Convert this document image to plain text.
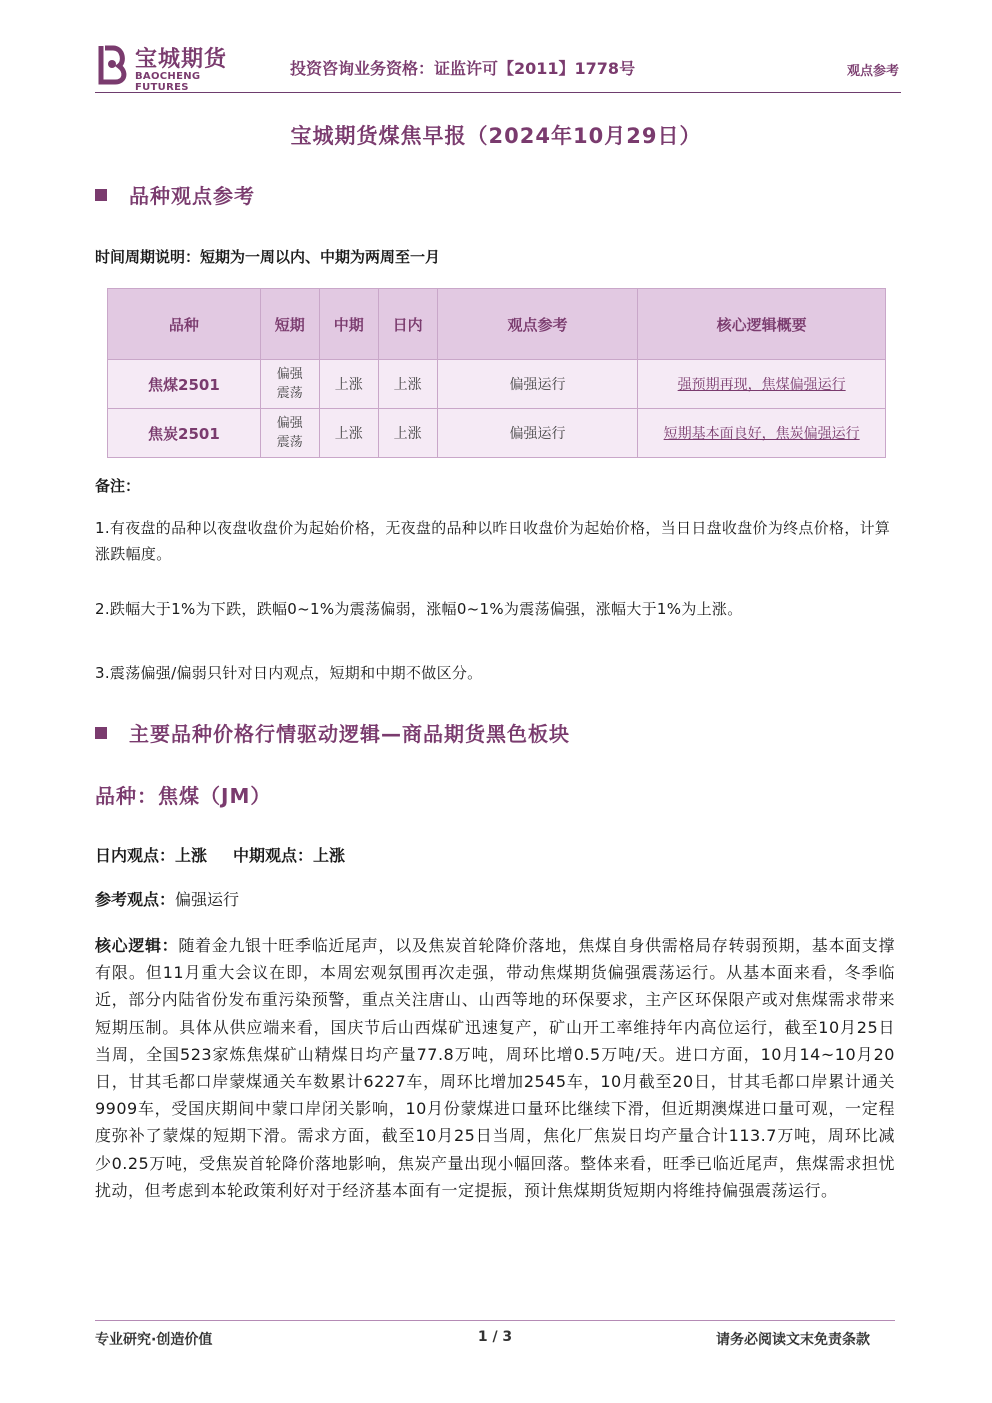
宝城期货
BAOCHENG FUTURES
投资咨询业务资格：证监许可【2011】1778号	观点参考
宝城期货煤焦早报（2024年10月29日）
品种观点参考
时间周期说明：短期为一周以内、中期为两周至一月
品种	短期	中期	日内	观点参考	核心逻辑概要
焦煤2501	偏强震荡	上涨	上涨	偏强运行	强预期再现，焦煤偏强运行
焦炭2501	偏强震荡	上涨	上涨	偏强运行	短期基本面良好，焦炭偏强运行
备注：
1.有夜盘的品种以夜盘收盘价为起始价格，无夜盘的品种以昨日收盘价为起始价格，当日日盘收盘价为终点价格，计算涨跌幅度。
2.跌幅大于1%为下跌，跌幅0~1%为震荡偏弱，涨幅0~1%为震荡偏强，涨幅大于1%为上涨。
3.震荡偏强/偏弱只针对日内观点，短期和中期不做区分。
主要品种价格行情驱动逻辑—商品期货黑色板块
品种：焦煤（JM）
日内观点：上涨 中期观点：上涨
参考观点：偏强运行
核心逻辑：随着金九银十旺季临近尾声，以及焦炭首轮降价落地，焦煤自身供需格局存转弱预期，基本面支撑有限。但11月重大会议在即，本周宏观氛围再次走强，带动焦煤期货偏强震荡运行。从基本面来看，冬季临近，部分内陆省份发布重污染预警，重点关注唐山、山西等地的环保要求，主产区环保限产或对焦煤需求带来短期压制。具体从供应端来看，国庆节后山西煤矿迅速复产，矿山开工率维持年内高位运行，截至10月25日当周，全国523家炼焦煤矿山精煤日均产量77.8万吨，周环比增0.5万吨/天。进口方面，10月14~10月20日，甘其毛都口岸蒙煤通关车数累计6227车，周环比增加2545车，10月截至20日，甘其毛都口岸累计通关9909车，受国庆期间中蒙口岸闭关影响，10月份蒙煤进口量环比继续下滑，但近期澳煤进口量可观，一定程度弥补了蒙煤的短期下滑。需求方面，截至10月25日当周，焦化厂焦炭日均产量合计113.7万吨，周环比减少0.25万吨，受焦炭首轮降价落地影响，焦炭产量出现小幅回落。整体来看，旺季已临近尾声，焦煤需求担忧扰动，但考虑到本轮政策利好对于经济基本面有一定提振，预计焦煤期货短期内将维持偏强震荡运行。
专业研究·创造价值	1 / 3	请务必阅读文末免责条款
